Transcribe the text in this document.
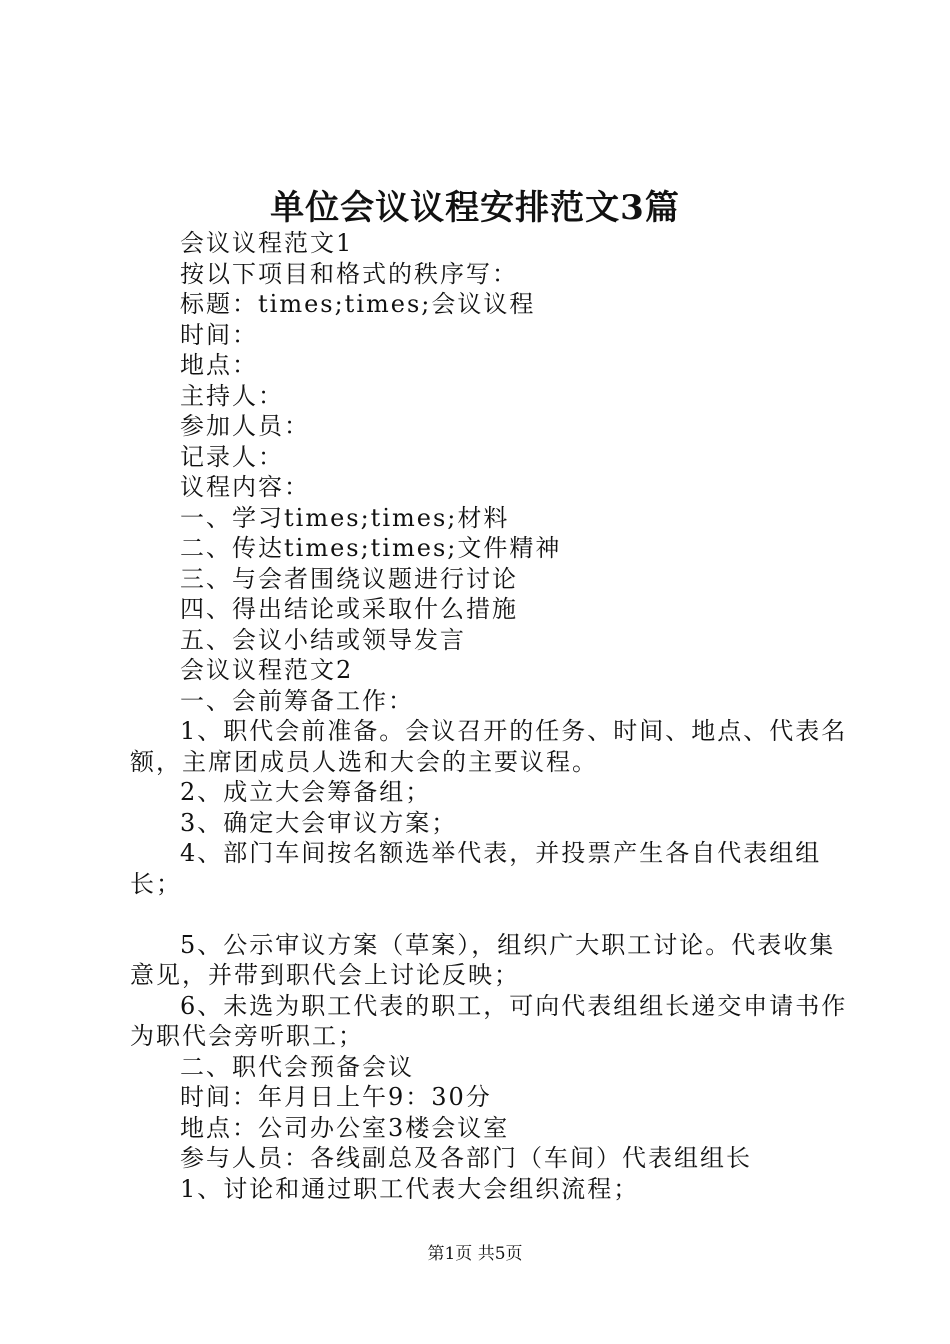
单位会议议程安排范文3篇

会议议程范文1

按以下项目和格式的秩序写：

标题：times;times;会议议程

时间：

地点：

主持人：

参加人员：

记录人：

议程内容：

一、学习times;times;材料

二、传达times;times;文件精神

三、与会者围绕议题进行讨论

四、得出结论或采取什么措施

五、会议小结或领导发言

会议议程范文2

一、会前筹备工作：

1、职代会前准备。会议召开的任务、时间、地点、代表名额，主席团成员人选和大会的主要议程。

2、成立大会筹备组；

3、确定大会审议方案；

4、部门车间按名额选举代表，并投票产生各自代表组组长；

5、公示审议方案（草案），组织广大职工讨论。代表收集意见，并带到职代会上讨论反映；

6、未选为职工代表的职工，可向代表组组长递交申请书作为职代会旁听职工；

二、职代会预备会议

时间：年月日上午9：30分

地点：公司办公室3楼会议室

参与人员：各线副总及各部门（车间）代表组组长

1、讨论和通过职工代表大会组织流程；

第1页 共5页
